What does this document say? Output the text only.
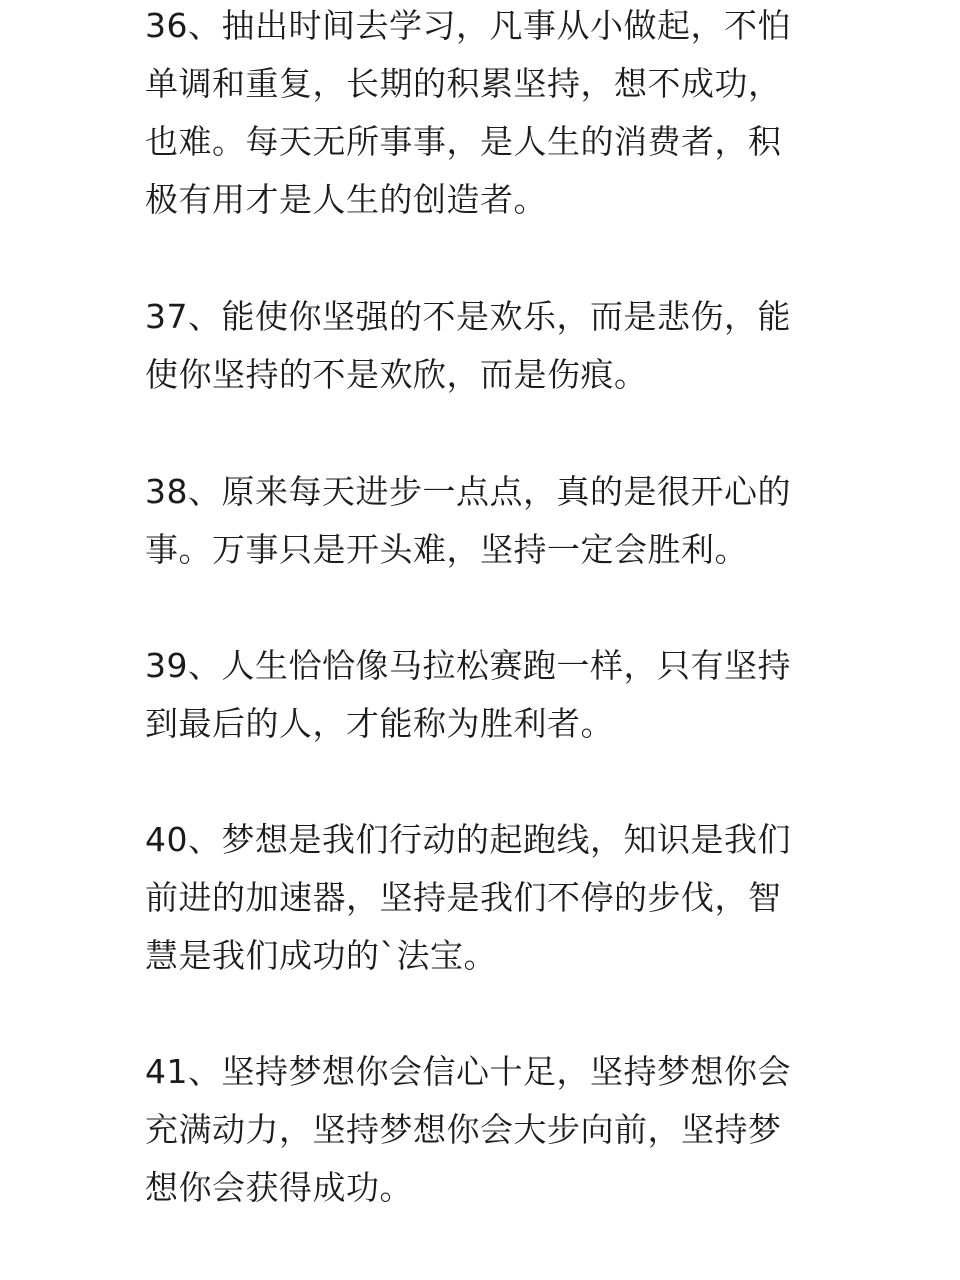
36、抽出时间去学习，凡事从小做起，不怕
单调和重复，长期的积累坚持，想不成功，
也难。每天无所事事，是人生的消费者，积
极有用才是人生的创造者。
37、能使你坚强的不是欢乐，而是悲伤，能
使你坚持的不是欢欣，而是伤痕。
38、原来每天进步一点点，真的是很开心的
事。万事只是开头难，坚持一定会胜利。
39、人生恰恰像马拉松赛跑一样，只有坚持
到最后的人，才能称为胜利者。
40、梦想是我们行动的起跑线，知识是我们
前进的加速器，坚持是我们不停的步伐，智
慧是我们成功的`法宝。
41、坚持梦想你会信心十足，坚持梦想你会
充满动力，坚持梦想你会大步向前，坚持梦
想你会获得成功。
